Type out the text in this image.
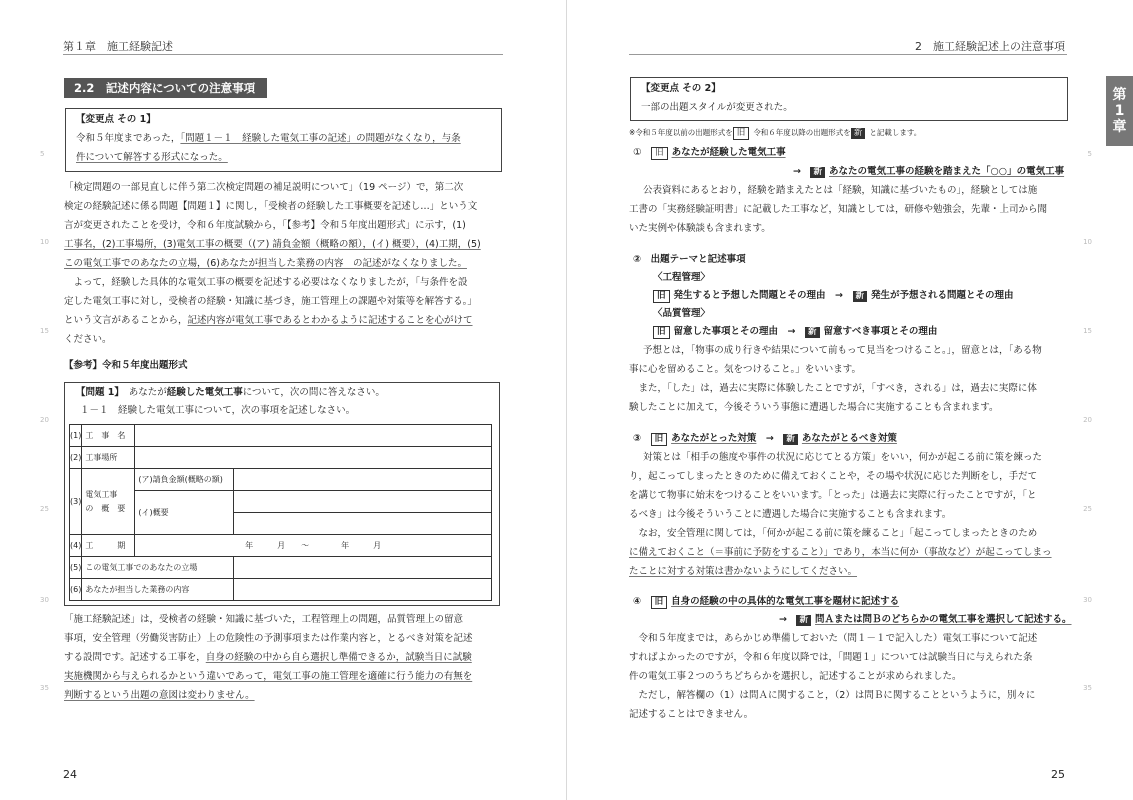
第１章　施工経験記述
5
10
15
20
25
30
35
2.2　記述内容についての注意事項
【変更点 その 1】
令和５年度まであった，「問題１－１　経験した電気工事の記述」の問題がなくなり，与条
件について解答する形式になった。
「検定問題の一部見直しに伴う第二次検定問題の補足説明について」（19 ページ）で，第二次
検定の経験記述に係る問題【問題１】に関し，「受検者の経験した工事概要を記述し…」という文
言が変更されたことを受け，令和６年度試験から，「【参考】令和５年度出題形式」に示す，(1)
工事名，(2)工事場所，(3)電気工事の概要（(ア) 請負金額（概略の額），(イ) 概要），(4)工期，(5)
この電気工事でのあなたの立場，(6)あなたが担当した業務の内容　の記述がなくなりました。
　よって，経験した具体的な電気工事の概要を記述する必要はなくなりましたが，「与条件を設
定した電気工事に対し，受検者の経験・知識に基づき，施工管理上の課題や対策等を解答する。」
という文言があることから，記述内容が電気工事であるとわかるように記述することを心がけて
ください。
【参考】令和５年度出題形式
【問題 1】　 あなたが経験した電気工事について，次の問に答えなさい。
１－１　経験した電気工事について，次の事項を記述しなさい。
(1)	工　事　名		
(2)	工事場所		
(3)	電気工事
の　概　要	(ア)請負金額(概略の額)	
		(イ)概要	

(4)	工　　　期	年　　　月　　～　　　　年　　　月	
(5)	この電気工事でのあなたの立場		
(6)	あなたが担当した業務の内容		
「施工経験記述」は，受検者の経験・知識に基づいた，工程管理上の問題，品質管理上の留意
事項，安全管理（労働災害防止）上の危険性の予測事項または作業内容と，とるべき対策を記述
する設問です。記述する工事を，自身の経験の中から自ら選択し準備できるか，試験当日に試験
実施機関から与えられるかという違いであって，電気工事の施工管理を適確に行う能力の有無を
判断するという出題の意図は変わりません。
24
2　施工経験記述上の注意事項
第
1
章
5
10
15
20
25
30
35
【変更点 その 2】
一部の出題スタイルが変更された。
※令和５年度以前の出題形式を 旧 令和６年度以降の出題形式を 新 と記載します。
①　 旧 あなたが経験した電気工事
→　 新 あなたの電気工事の経験を踏まえた「○○」の電気工事
公表資料にあるとおり，経験を踏まえたとは「経験，知識に基づいたもの」，経験としては施
工書の「実務経験証明書」に記載した工事など，知識としては，研修や勉強会，先輩・上司から聞
いた実例や体験談も含まれます。
②　 出題テーマと記述事項
〈工程管理〉
旧 発生すると予想した問題とその理由　 →　 新 発生が予想される問題とその理由
〈品質管理〉
旧 留意した事項とその理由　 →　 新 留意すべき事項とその理由
予想とは，「物事の成り行きや結果について前もって見当をつけること。」，留意とは，「ある物
事に心を留めること。気をつけること。」をいいます。
　また，「した」は，過去に実際に体験したことですが，「すべき，される」は，過去に実際に体
験したことに加えて，今後そういう事態に遭遇した場合に実施することも含まれます。
③　 旧 あなたがとった対策　 →　 新 あなたがとるべき対策
対策とは「相手の態度や事件の状況に応じてとる方策」をいい，何かが起こる前に策を練った
り，起こってしまったときのために備えておくことや，その場や状況に応じた判断をし，手だて
を講じて物事に始末をつけることをいいます。「とった」は過去に実際に行ったことですが，「と
るべき」は今後そういうことに遭遇した場合に実施することも含まれます。
　なお，安全管理に関しては，「何かが起こる前に策を練ること」「起こってしまったときのため
に備えておくこと（＝事前に予防をすること）」であり，本当に何か（事故など）が起こってしまっ
たことに対する対策は書かないようにしてください。
④　 旧 自身の経験の中の具体的な電気工事を題材に記述する
→　 新 問Ａまたは問Ｂのどちらかの電気工事を選択して記述する。
　令和５年度までは，あらかじめ準備しておいた（問１－１で記入した）電気工事について記述
すればよかったのですが，令和６年度以降では，「問題１」については試験当日に与えられた条
件の電気工事２つのうちどちらかを選択し，記述することが求められました。
　ただし，解答欄の（1）は問Ａに関すること，（2）は問Ｂに関することというように，別々に
記述することはできません。
25
